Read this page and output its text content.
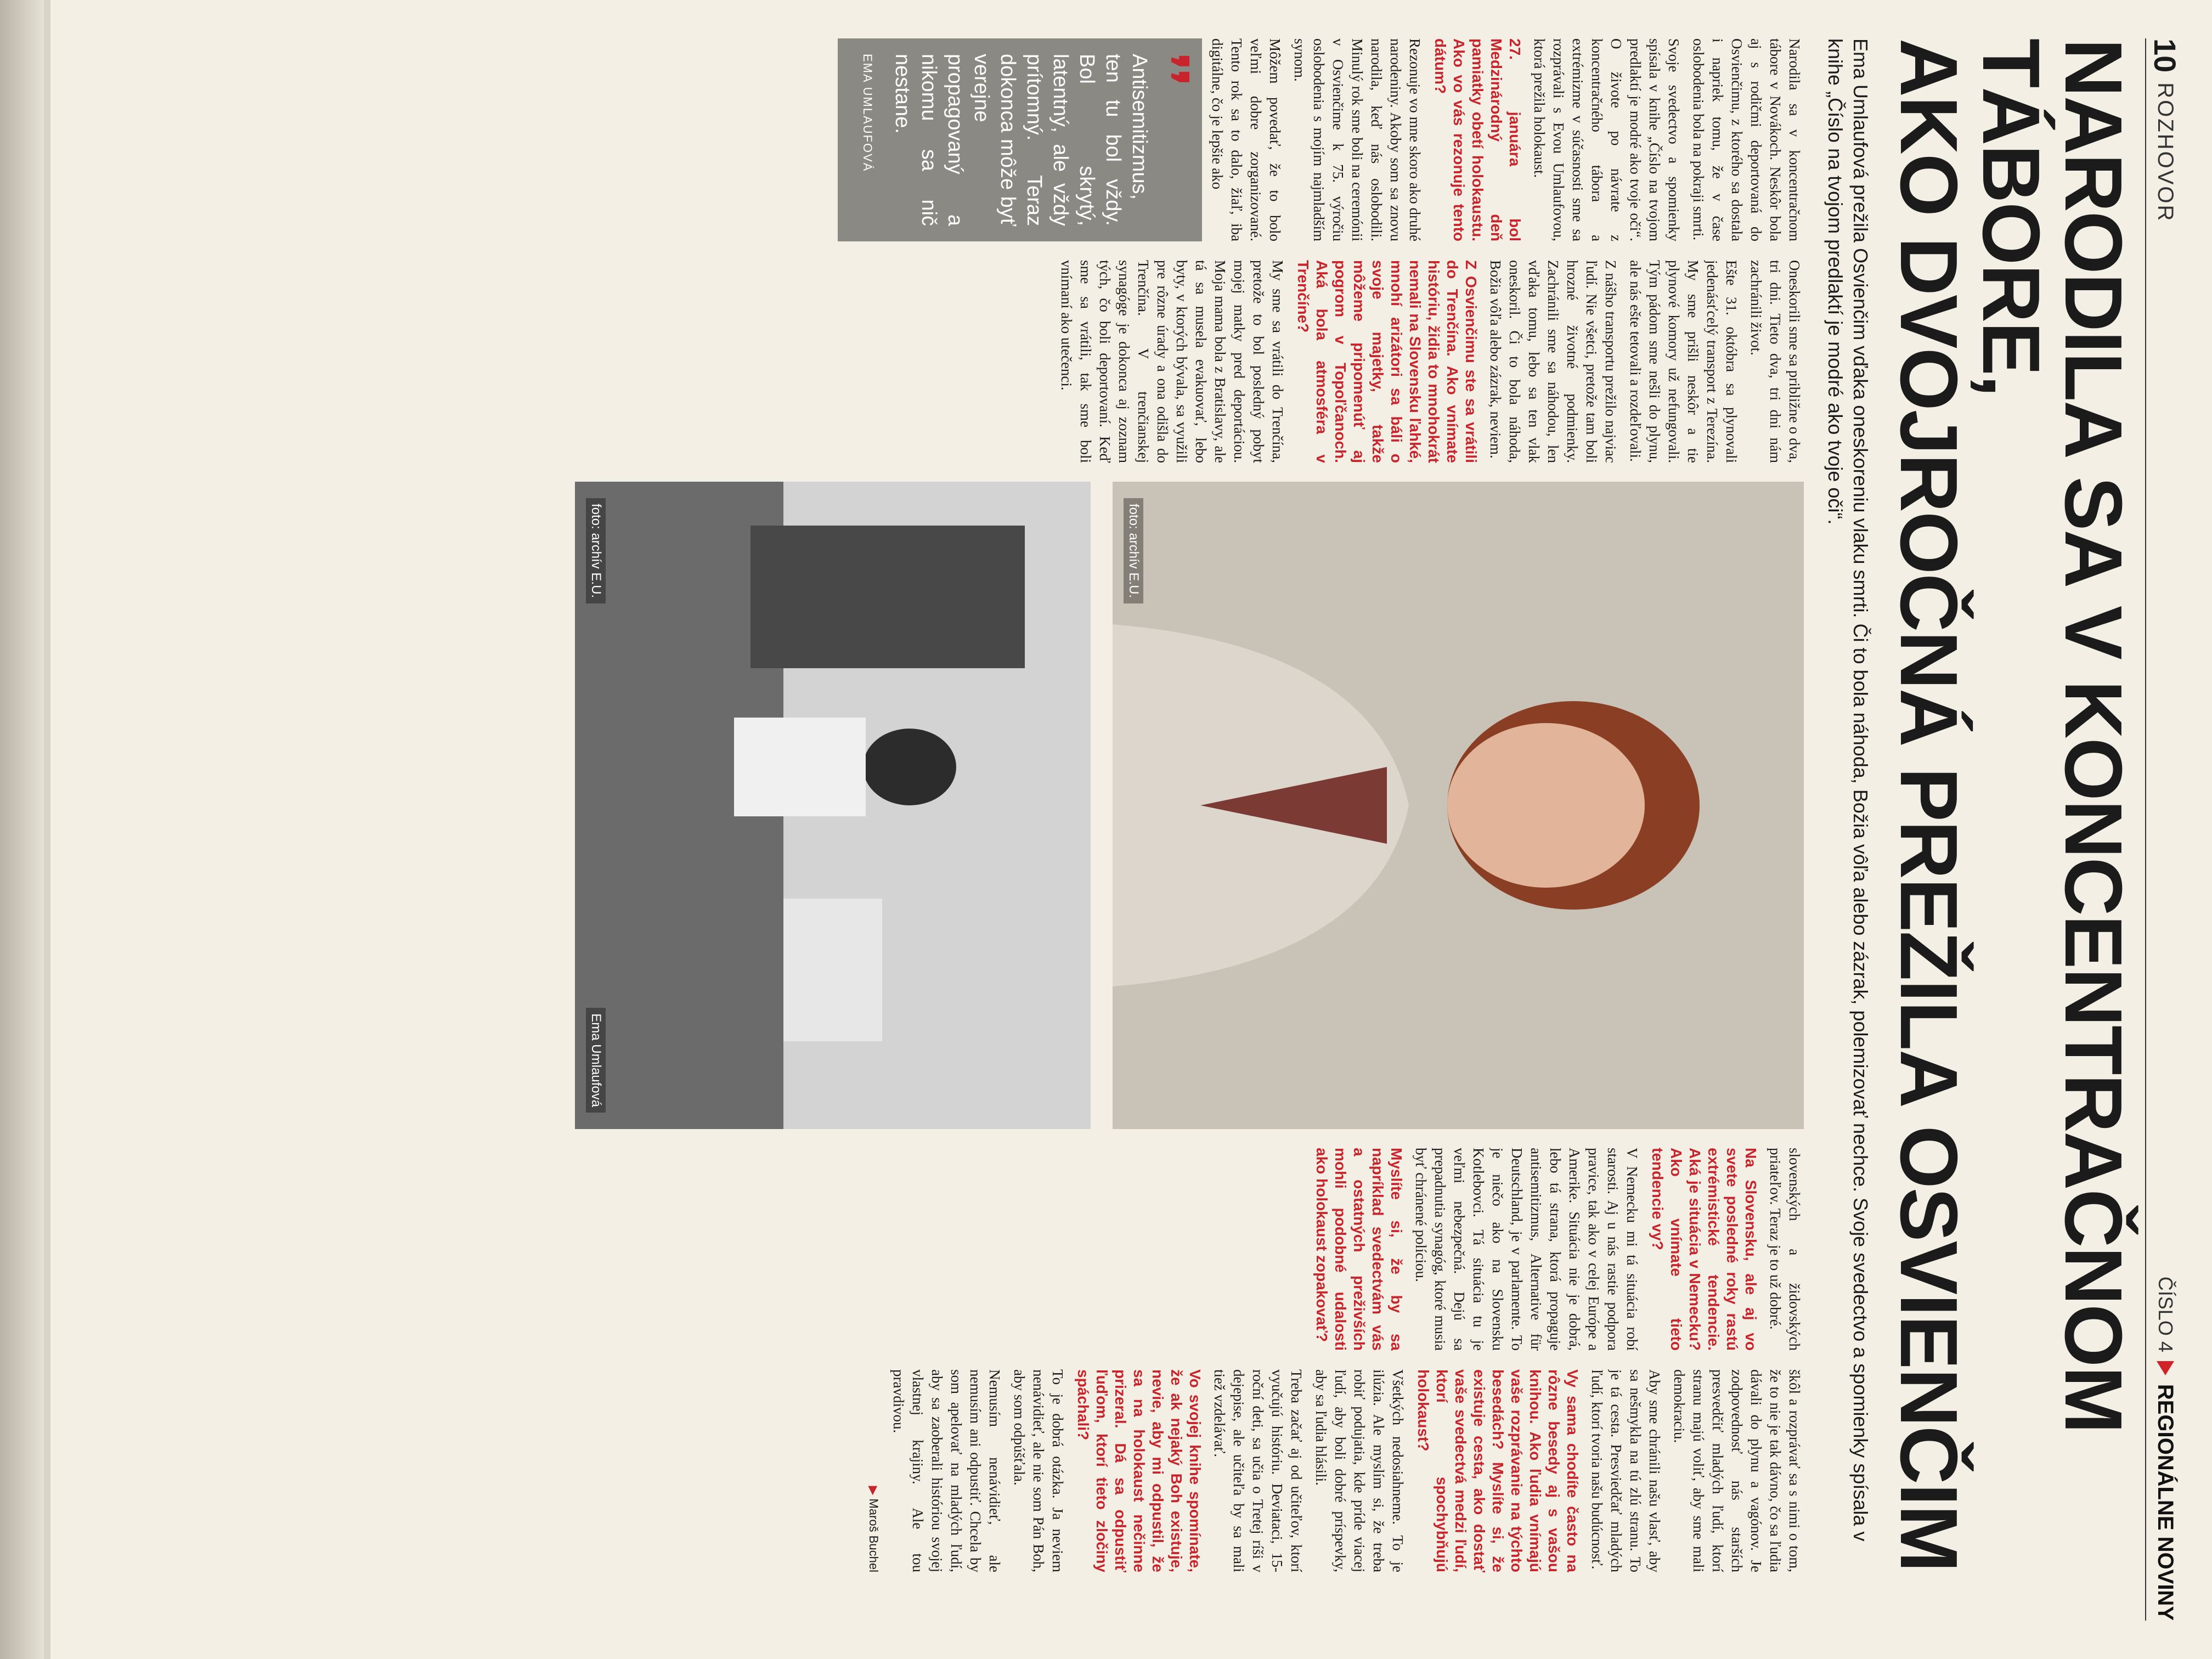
10
ROZHOVOR
ČÍSLO 4
REGIONÁLNE NOVINY
NARODILA SA V KONCENTRAČNOM TÁBORE,
AKO DVOJROČNÁ PREŽILA OSVIENČIM

Ema Umlaufová prežila Osvienčim vďaka oneskoreniu vlaku smrti. Či to bola náhoda, Božia vôľa alebo zázrak, polemizovať nechce. Svoje svedectvo a spomienky spísala v knihe „Číslo na tvojom predlaktí je modré ako tvoje oči“.

Narodila sa v koncentračnom tábore v Novákoch. Neskôr bola aj s rodičmi deportovaná do Osvienčimu, z ktorého sa dostala i napriek tomu, že v čase oslobodenia bola na pokraji smrti.

Svoje svedectvo a spomienky spísala v knihe „Číslo na tvojom predlaktí je modré ako tvoje oči“. O živote po návrate z koncentračného tábora a extrémizme v súčasnosti sme sa rozprávali s Evou Umlaufovou, ktorá prežila holokaust.

27. januára bol Medzinárodný deň pamiatky obetí holokaustu. Ako vo vás rezonuje tento dátum?

Rezonuje vo mne skoro ako druhé narodeniny. Akoby som sa znovu narodila, keď nás oslobodili. Minulý rok sme boli na ceremónii v Osvienčime k 75. výročiu oslobodenia s mojím najmladším synom.

Môžem povedať, že to bolo veľmi dobre zorganizované. Tento rok sa to dalo, žiaľ, iba digitálne, čo je lepšie ako

❜❜
Antisemitizmus, ten tu bol vždy. Bol skrytý, latentný, ale vždy prítomný. Teraz dokonca môže byť verejne propagovaný a nikomu sa nič nestane.
EMA UMLAUFOVÁ

Oneskorili sme sa približne o dva, tri dni. Tieto dva, tri dni nám zachránili život.

Ešte 31. októbra sa plynovali jedenásťcelý transport z Terezína. My sme prišli neskôr a tie plynové komory už nefungovali. Tým pádom sme nešli do plynu, ale nás ešte tetovali a rozdeľovali.

Z nášho transportu prežilo najviac ľudí. Nie všetci, pretože tam boli hrozné životné podmienky. Zachránili sme sa náhodou, len vďaka tomu, lebo sa ten vlak oneskoril. Či to bola náhoda, Božia vôľa alebo zázrak, neviem.

Z Osvienčimu ste sa vrátili do Trenčína. Ako vnímate históriu, židia to mnohokrát nemali na Slovensku ľahké, mnohí arizátori sa báli o svoje majetky, takže môžeme pripomenúť aj pogrom v Topoľčanoch. Aká bola atmosféra v Trenčíne?

My sme sa vrátili do Trenčína, pretože to bol posledný pobyt mojej matky pred deportáciou. Moja mama bola z Bratislavy, ale tá sa musela evakuovať, lebo byty, v ktorých bývala, sa využili pre rôzne úrady a ona odišla do Trenčína. V trenčianskej synagóge je dokonca aj zoznam tých, čo boli deportovaní. Keď sme sa vrátili, tak sme boli vnímaní ako utečenci.

foto: archív E.U.
Ema Umlaufová
foto: archív E.U.

slovenských a židovských priateľov. Teraz je to už dobré.

Na Slovensku, ale aj vo svete posledné roky rastú extrémistické tendencie. Aká je situácia v Nemecku? Ako vnímate tieto tendencie vy?

V Nemecku mi tá situácia robí starosti. Aj u nás rastie podpora pravice, tak ako v celej Európe a Amerike. Situácia nie je dobrá, lebo tá strana, ktorá propaguje antisemitizmus, Alternative für Deutschland, je v parlamente. To je niečo ako na Slovensku Kotlebovci. Tá situácia tu je veľmi nebezpečná. Dejú sa prepadnutia synagóg, ktoré musia byť chránené políciou.

Myslíte si, že by sa napríklad svedectvám vás a ostatných preživších mohli podobné udalosti ako holokaust zopakovať?

škôl a rozprávať sa s nimi o tom, že to nie je tak dávno, čo sa ľudia dávali do plynu a vagónov. Je zodpovednosť nás starších presvedčiť mladých ľudí, ktorí stranu majú voliť, aby sme mali demokraciu.

Aby sme chránili našu vlasť, aby sa nešmykla na tú zlú stranu. To je tá cesta. Presviedčať mladých ľudí, ktorí tvoria našu budúcnosť.

Vy sama chodíte často na rôzne besedy aj s vašou knihou. Ako ľudia vnímajú vaše rozprávanie na týchto besedách? Myslíte si, že existuje cesta, ako dostať vaše svedectvá medzi ľudí, ktorí spochybňujú holokaust?

Všetkých nedosiahneme. To je ilúzia. Ale myslím si, že treba robiť podujatia, kde príde viacej ľudí, aby boli dobré príspevky, aby sa ľudia hlásili.

Treba začať aj od učiteľov, ktorí vyučujú históriu. Deviataci, 15-roční deti, sa učia o Tretej ríši v dejepise, ale učiteľa by sa mali tiež vzdelávať.

Vo svojej knihe spomínate, že ak nejaký Boh existuje, nevie, aby mi odpustil, že sa na holokaust nečinne prizeral. Dá sa odpustiť ľuďom, ktorí tieto zločiny spáchali?

To je dobrá otázka. Ja neviem nenávidieť, ale nie som Pán Boh, aby som odpúšťala.

Nemusím nenávidieť, ale nemusím ani odpustiť. Chcela by som apelovať na mladých ľudí, aby sa zaoberali históriou svojej vlastnej krajiny. Ale tou pravdivou.

▶ Maroš Buchel
